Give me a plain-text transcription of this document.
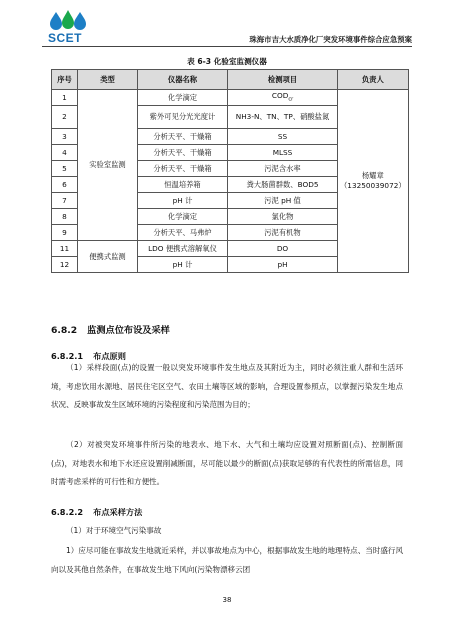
SCET	珠海市吉大水质净化厂突发环境事件综合应急预案
表 6-3 化验室监测仪器
序号	类型	仪器名称	检测项目	负责人
1	实验室监测	化学滴定	$COD_{cr}$	杨耀章
（13250039072）

2		紫外可见分光光度计	NH3-N、TN、TP、硝酸盐氮	
3		分析天平、干燥箱	SS	
4		分析天平、干燥箱	MLSS	
5		分析天平、干燥箱	污泥含水率	
6		恒温培养箱	粪大肠菌群数、BOD5	
7		pH 计	污泥 pH 值	
8		化学滴定	氯化物	
9		分析天平、马弗炉	污泥有机物	
11	便携式监测	LDO 便携式溶解氧仪	DO	
12		pH 计	pH	
6.8.2 监测点位布设及采样
6.8.2.1 布点原则

（1）采样段面(点)的设置一般以突发环境事件发生地点及其附近为主，同时必须注重人群和生活环境，考虑饮用水源地、居民住宅区空气、农田土壤等区域的影响，合理设置参照点，以掌握污染发生地点状况、反映事故发生区域环境的污染程度和污染范围为目的；

（2）对被突发环境事件所污染的地表水、地下水、大气和土壤均应设置对照断面(点)、控制断面(点)，对地表水和地下水还应设置削减断面，尽可能以最少的断面(点)获取足够的有代表性的所需信息，同时需考虑采样的可行性和方便性。

6.8.2.2 布点采样方法

（1）对于环境空气污染事故

1）应尽可能在事故发生地就近采样，并以事故地点为中心，根据事故发生地的地理特点、当时盛行风向以及其他自然条件，在事故发生地下风向(污染物漂移云团

38
